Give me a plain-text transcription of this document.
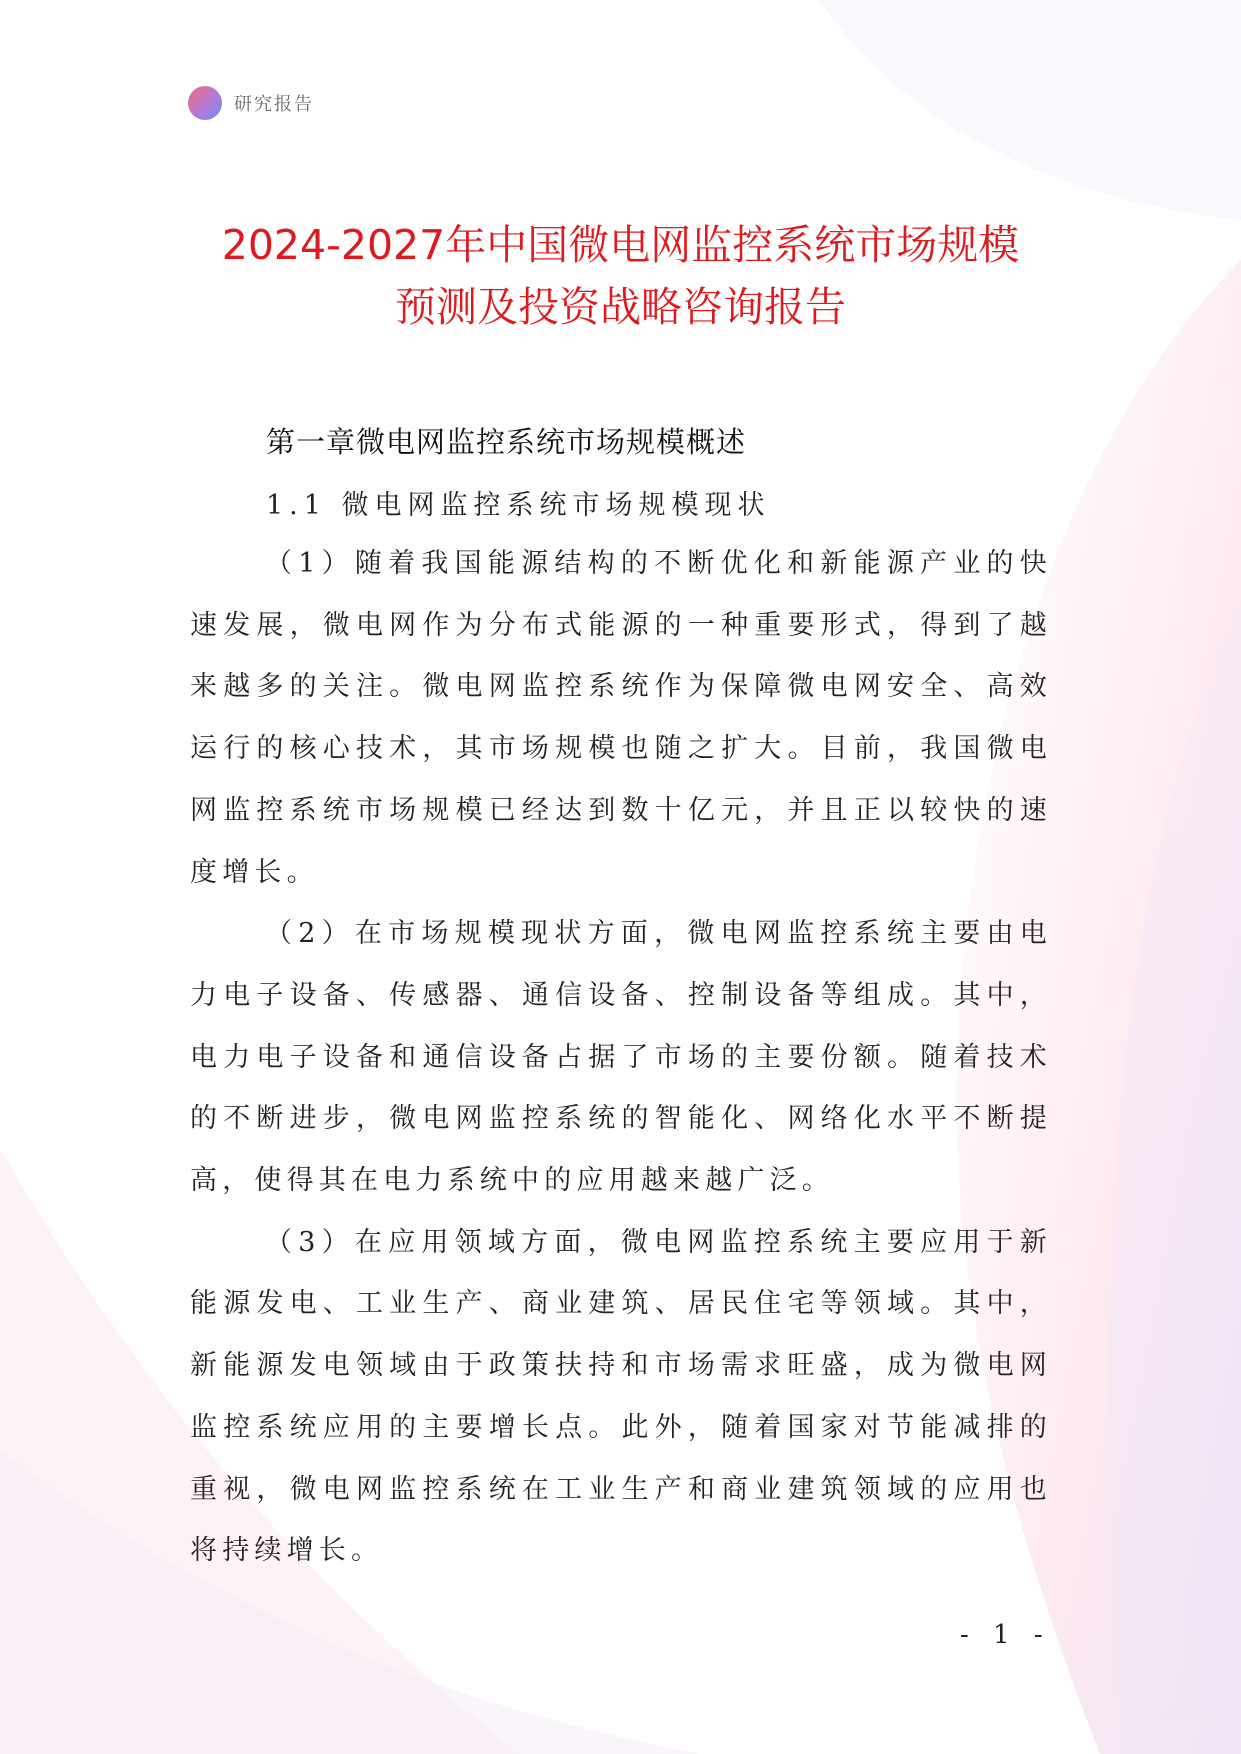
研究报告
2024-2027年中国微电网监控系统市场规模
预测及投资战略咨询报告
第一章微电网监控系统市场规模概述
1.1 微电网监控系统市场规模现状

（1）随着我国能源结构的不断优化和新能源产业的快速发展，微电网作为分布式能源的一种重要形式，得到了越来越多的关注。微电网监控系统作为保障微电网安全、高效运行的核心技术，其市场规模也随之扩大。目前，我国微电网监控系统市场规模已经达到数十亿元，并且正以较快的速度增长。

（2）在市场规模现状方面，微电网监控系统主要由电力电子设备、传感器、通信设备、控制设备等组成。其中，电力电子设备和通信设备占据了市场的主要份额。随着技术的不断进步，微电网监控系统的智能化、网络化水平不断提高，使得其在电力系统中的应用越来越广泛。

（3）在应用领域方面，微电网监控系统主要应用于新能源发电、工业生产、商业建筑、居民住宅等领域。其中，新能源发电领域由于政策扶持和市场需求旺盛，成为微电网监控系统应用的主要增长点。此外，随着国家对节能减排的重视，微电网监控系统在工业生产和商业建筑领域的应用也将持续增长。

- 1 -
